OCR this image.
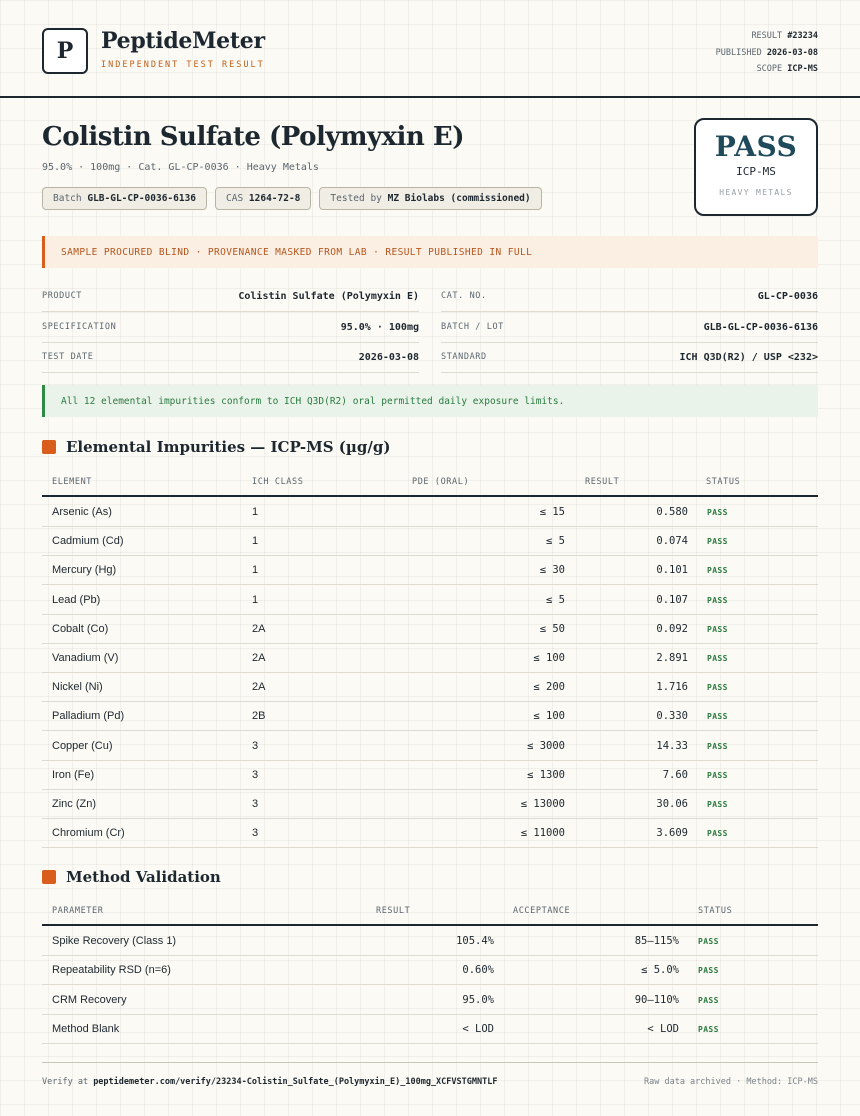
P	PeptideMeter
INDEPENDENT TEST RESULT
RESULT #23234
PUBLISHED 2026-03-08
SCOPE ICP-MS
Colistin Sulfate (Polymyxin E)
95.0% · 100mg · Cat. GL-CP-0036 · Heavy Metals
Batch GLB-GL-CP-0036-6136	CAS 1264-72-8	Tested by MZ Biolabs (commissioned)
PASS
ICP-MS
HEAVY METALS
SAMPLE PROCURED BLIND · PROVENANCE MASKED FROM LAB · RESULT PUBLISHED IN FULL
PRODUCT	Colistin Sulfate (Polymyxin E)
SPECIFICATION	95.0% · 100mg
TEST DATE	2026-03-08
CAT. NO.	GL-CP-0036
BATCH / LOT	GLB-GL-CP-0036-6136
STANDARD	ICH Q3D(R2) / USP <232>
All 12 elemental impurities conform to ICH Q3D(R2) oral permitted daily exposure limits.
Elemental Impurities — ICP-MS (µg/g)
ELEMENT	ICH CLASS	PDE (ORAL)	RESULT	STATUS
Arsenic (As)	1	≤ 15	0.580 PASS
Cadmium (Cd)	1	≤ 5	0.074 PASS
Mercury (Hg)	1	≤ 30	0.101 PASS
Lead (Pb)	1	≤ 5	0.107 PASS
Cobalt (Co)	2A	≤ 50	0.092 PASS
Vanadium (V)	2A	≤ 100	2.891 PASS
Nickel (Ni)	2A	≤ 200	1.716 PASS
Palladium (Pd)	2B	≤ 100	0.330 PASS
Copper (Cu)	3	≤ 3000	14.33 PASS
Iron (Fe)	3	≤ 1300	7.60 PASS
Zinc (Zn)	3	≤ 13000	30.06 PASS
Chromium (Cr)	3	≤ 11000	3.609 PASS
Method Validation
PARAMETER	RESULT	ACCEPTANCE	STATUS
Spike Recovery (Class 1)	105.4%	85–115% PASS
Repeatability RSD (n=6)	0.60%	≤ 5.0% PASS
CRM Recovery	95.0%	90–110% PASS
Method Blank	< LOD	< LOD PASS
Verify at peptidemeter.com/verify/23234-Colistin_Sulfate_(Polymyxin_E)_100mg_XCFVSTGMNTLF	Raw data archived · Method: ICP-MS
